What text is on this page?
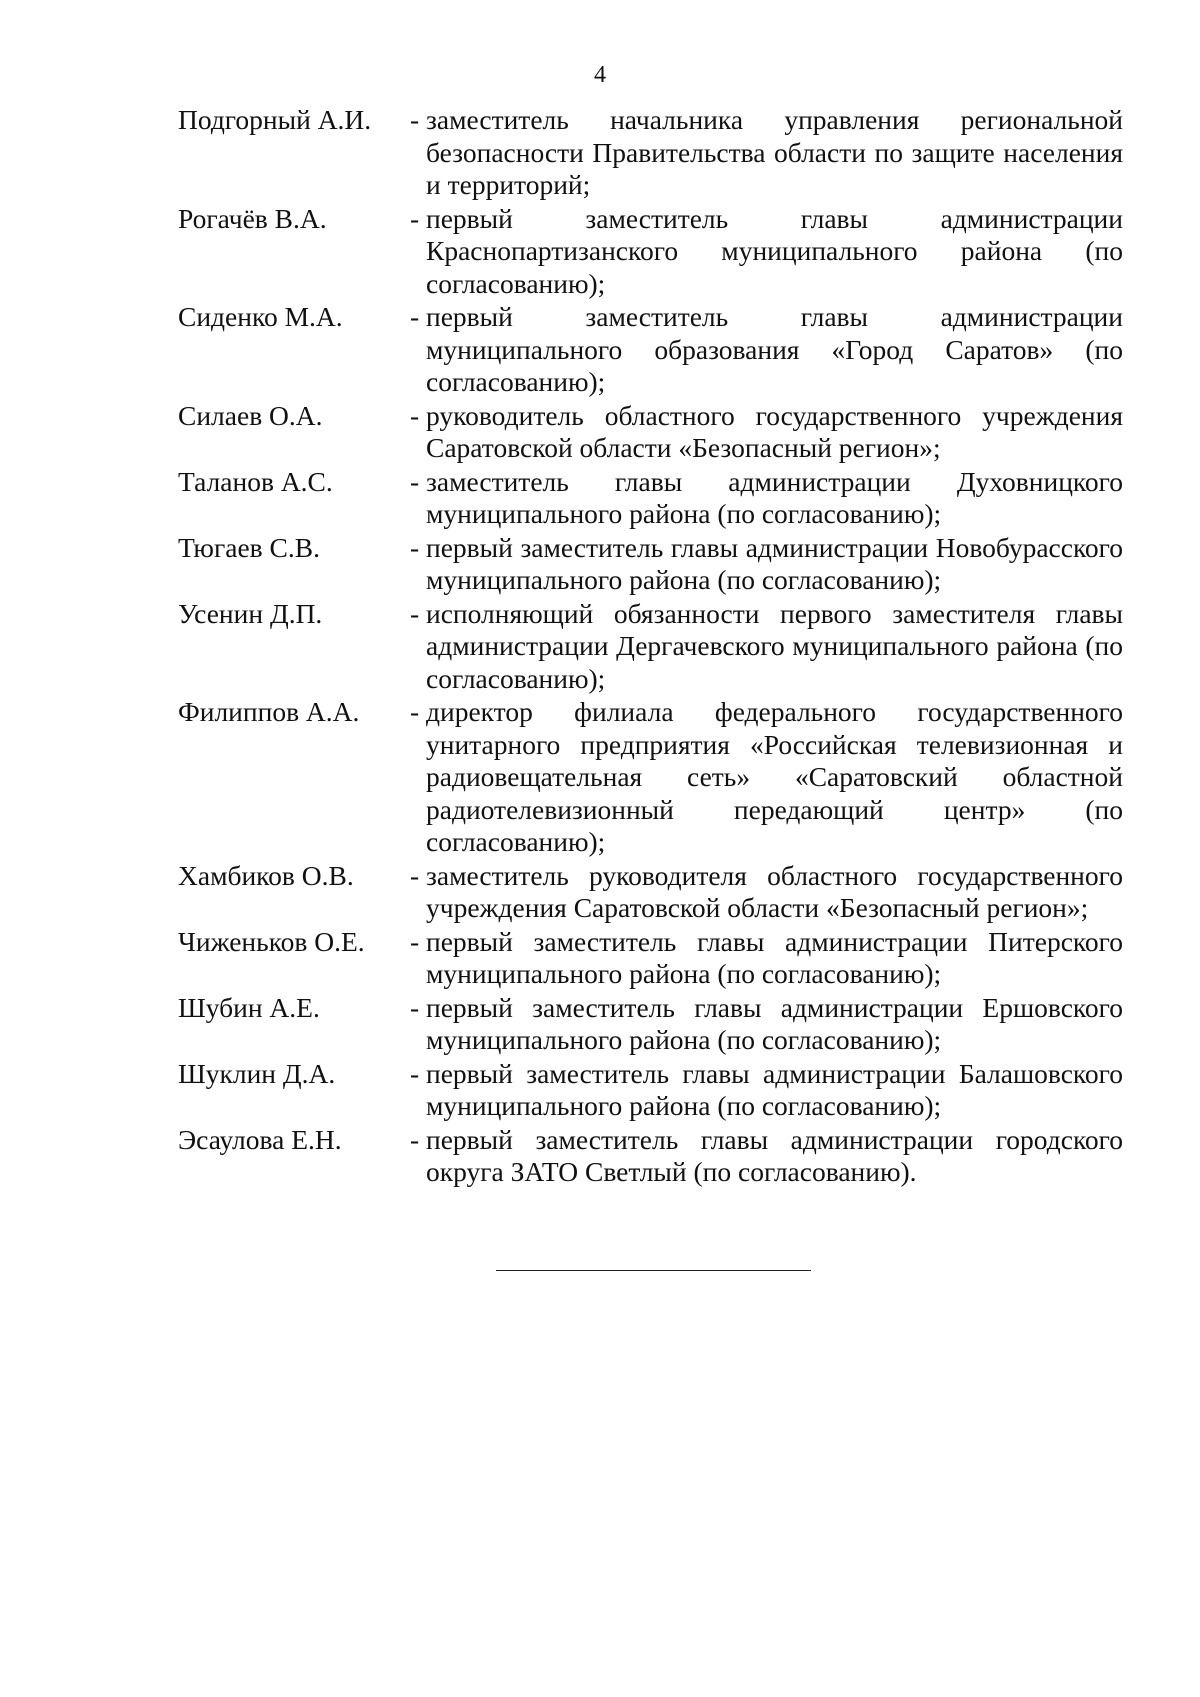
4
Подгорный А.И.	- заместитель начальника управления региональной безопасности Правительства области по защите населения и территорий;
Рогачёв В.А.	- первый заместитель главы администрации Краснопартизанского муниципального района (по согласованию);
Сиденко М.А.	- первый заместитель главы администрации муниципального образования «Город Саратов» (по согласованию);
Силаев О.А.	- руководитель областного государственного учреждения Саратовской области «Безопасный регион»;
Таланов А.С.	- заместитель главы администрации Духовницкого муниципального района (по согласованию);
Тюгаев С.В.	- первый заместитель главы администрации Новобурасского муниципального района (по согласованию);
Усенин Д.П.	- исполняющий обязанности первого заместителя главы администрации Дергачевского муниципального района (по согласованию);
Филиппов А.А.	- директор филиала федерального государственного унитарного предприятия «Российская телевизионная и радиовещательная сеть» «Саратовский областной радиотелевизионный передающий центр» (по согласованию);
Хамбиков О.В.	- заместитель руководителя областного государственного учреждения Саратовской области «Безопасный регион»;
Чиженьков О.Е.	- первый заместитель главы администрации Питерского муниципального района (по согласованию);
Шубин А.Е.	- первый заместитель главы администрации Ершовского муниципального района (по согласованию);
Шуклин Д.А.	- первый заместитель главы администрации Балашовского муниципального района (по согласованию);
Эсаулова Е.Н.	- первый заместитель главы администрации городского округа ЗАТО Светлый (по согласованию).
